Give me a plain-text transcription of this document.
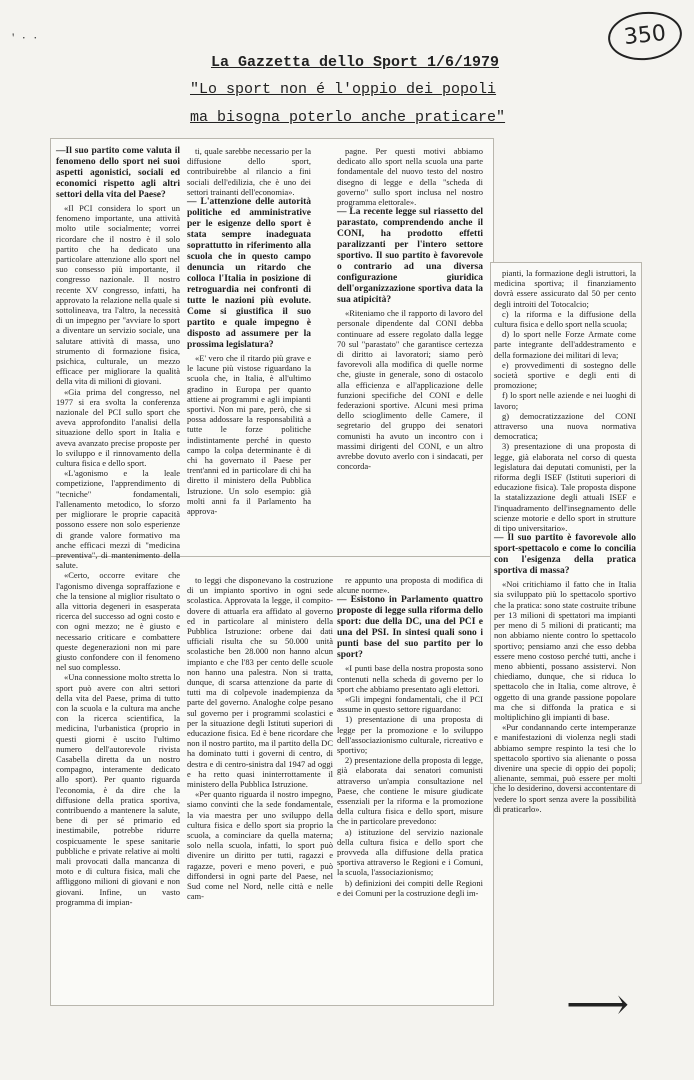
' · ·	350
La Gazzetta dello Sport 1/6/1979
"Lo sport non é l'oppio dei popoli
ma bisogna poterlo anche praticare"

—Il suo partito come valuta il fenomeno dello sport nei suoi aspetti agonistici, sociali ed economici rispetto agli altri settori della vita del Paese?

«Il PCI considera lo sport un fenomeno importante, una attività molto utile socialmente; vorrei ricordare che il nostro è il solo partito che ha dedicato una particolare attenzione allo sport nel suo consesso più importante, il congresso nazionale. Il nostro recente XV congresso, infatti, ha approvato la relazione nella quale si sottolineava, tra l'altro, la necessità di un impegno per "avviare lo sport a diventare un servizio sociale, una salutare attività di massa, uno strumento di formazione fisica, psichica, culturale, un mezzo efficace per migliorare la qualità della vita di milioni di giovani.

«Gia prima del congresso, nel 1977 si era svolta la conferenza nazionale del PCI sullo sport che aveva approfondito l'analisi della situazione dello sport in Italia e aveva avanzato precise proposte per lo sviluppo e il rinnovamento della cultura fisica e dello sport.

«L'agonismo e la leale competizione, l'apprendimento di "tecniche" fondamentali, l'allenamento metodico, lo sforzo per migliorare le proprie capacità possono essere non solo esperienze di grande valore formativo ma anche efficaci mezzi di "medicina preventiva", di mantenimento della salute.

«Certo, occorre evitare che l'agonismo divenga sopraffazione e che la tensione al miglior risultato o alla vittoria degeneri in esasperata ricerca del successo ad ogni costo e con ogni mezzo; ne è giusto e necessario criticare e combattere queste degenerazioni non mi pare giusto confondere con il fenomeno nel suo complesso.

«Una connessione molto stretta lo sport può avere con altri settori della vita del Paese, prima di tutto con la scuola e la cultura ma anche con la ricerca scientifica, la medicina, l'urbanistica (proprio in questi giorni è uscito l'ultimo numero dell'autorevole rivista Casabella diretta da un nostro compagno, interamente dedicato allo sport). Per quanto riguarda l'economia, è da dire che la diffusione della pratica sportiva, contribuendo a mantenere la salute, bene di per sé primario ed inestimabile, potrebbe ridurre cospicuamente le spese sanitarie pubbliche e private relative ai molti mali provocati dalla mancanza di moto e di cultura fisica, mali che affliggono milioni di giovani e non giovani. Infine, un vasto programma di impian-

ti, quale sarebbe necessario per la diffusione dello sport, contribuirebbe al rilancio a fini sociali dell'edilizia, che è uno dei settori trainanti dell'economia».

— L'attenzione delle autorità politiche ed amministrative per le esigenze dello sport è stata sempre inadeguata soprattutto in riferimento alla scuola che in questo campo denuncia un ritardo che colloca l'Italia in posizione di retroguardia nei confronti di tutte le nazioni più evolute. Come si giustifica il suo partito e quale impegno è disposto ad assumere per la prossima legislatura?

«E' vero che il ritardo più grave e le lacune più vistose riguardano la scuola che, in Italia, è all'ultimo gradino in Europa per quanto attiene ai programmi e agli impianti sportivi. Non mi pare, però, che si possa addossare la responsabilità a tutte le forze politiche indistintamente perché in questo campo la colpa determinante è di chi ha governato il Paese per trent'anni ed in particolare di chi ha diretto il ministero della Pubblica Istruzione. Un solo esempio: già molti anni fa il Parlamento ha approva-

to leggi che disponevano la costruzione di un impianto sportivo in ogni sede scolastica. Approvata la legge, il compito-dovere di attuarla era affidato al governo ed in particolare al ministero della Pubblica Istruzione: orbene dai dati ufficiali risulta che su 50.000 unità scolastiche ben 28.000 non hanno alcun impianto e che l'83 per cento delle scuole non hanno una palestra. Non si tratta, dunque, di scarsa attenzione da parte di tutti ma di colpevole inadempienza da parte del governo. Analoghe colpe pesano sul governo per i programmi scolastici e per la situazione degli Istituti superiori di educazione fisica. Ed è bene ricordare che non il nostro partito, ma il partito della DC ha dominato tutti i governi di centro, di destra e di centro-sinistra dal 1947 ad oggi e ha retto quasi ininterrottamente il ministero della Pubblica Istruzione.

«Per quanto riguarda il nostro impegno, siamo convinti che la sede fondamentale, la via maestra per uno sviluppo della cultura fisica e dello sport sia proprio la scuola, a cominciare da quella materna; solo nella scuola, infatti, lo sport può divenire un diritto per tutti, ragazzi e ragazze, poveri e meno poveri, e può diffondersi in ogni parte del Paese, nel Sud come nel Nord, nelle città e nelle cam-

pagne. Per questi motivi abbiamo dedicato allo sport nella scuola una parte fondamentale del nuovo testo del nostro disegno di legge e della "scheda di governo" sullo sport inclusa nel nostro programma elettorale».

— La recente legge sul riassetto del parastato, comprendendo anche il CONI, ha prodotto effetti paralizzanti per l'intero settore sportivo. Il suo partito è favorevole o contrario ad una diversa configurazione giuridica dell'organizzazione sportiva data la sua atipicità?

«Riteniamo che il rapporto di lavoro del personale dipendente dal CONI debba continuare ad essere regolato dalla legge 70 sul "parastato" che garantisce certezza di diritto ai lavoratori; siamo però favorevoli alla modifica di quelle norme che, giuste in generale, sono di ostacolo alla efficienza e all'applicazione delle funzioni specifiche del CONI e delle federazioni sportive. Alcuni mesi prima dello scioglimento delle Camere, il segretario del gruppo dei senatori comunisti ha avuto un incontro con i massimi dirigenti del CONI, e un altro avrebbe dovuto averlo con i sindacati, per concorda-

re appunto una proposta di modifica di alcune norme».

— Esistono in Parlamento quattro proposte di legge sulla riforma dello sport: due della DC, una del PCI e una del PSI. In sintesi quali sono i punti base del suo partito per lo sport?

«I punti base della nostra proposta sono contenuti nella scheda di governo per lo sport che abbiamo presentato agli elettori.

«Gli impegni fondamentali, che il PCI assume in questo settore riguardano:

1) presentazione di una proposta di legge per la promozione e lo sviluppo dell'associazionismo culturale, ricreativo e sportivo;

2) presentazione della proposta di legge, già elaborata dai senatori comunisti attraverso un'ampia consultazione nel Paese, che contiene le misure giudicate essenziali per la riforma e la promozione della cultura fisica e dello sport, misure che in particolare prevedono:

a) istituzione del servizio nazionale della cultura fisica e dello sport che provveda alla diffusione della pratica sportiva attraverso le Regioni e i Comuni, la scuola, l'associazionismo;

b) definizioni dei compiti delle Regioni e dei Comuni per la costruzione degli im-

pianti, la formazione degli istruttori, la medicina sportiva; il finanziamento dovrà essere assicurato dal 50 per cento degli introiti del Totocalcio;

c) la riforma e la diffusione della cultura fisica e dello sport nella scuola;

d) lo sport nelle Forze Armate come parte integrante dell'addestramento e della formazione dei militari di leva;

e) provvedimenti di sostegno delle società sportive e degli enti di promozione;

f) lo sport nelle aziende e nei luoghi di lavoro;

g) democratizzazione del CONI attraverso una nuova normativa democratica;

3) presentazione di una proposta di legge, già elaborata nel corso di questa legislatura dai deputati comunisti, per la riforma degli ISEF (Istituti superiori di educazione fisica). Tale proposta dispone la statalizzazione degli attuali ISEF e l'inquadramento dell'insegnamento delle scienze motorie e dello sport in strutture di tipo universitario».

— Il suo partito è favorevole allo sport-spettacolo e come lo concilia con l'esigenza della pratica sportiva di massa?

«Noi critichiamo il fatto che in Italia sia sviluppato più lo spettacolo sportivo che la pratica: sono state costruite tribune per 13 milioni di spettatori ma impianti per meno di 5 milioni di praticanti; ma non abbiamo niente contro lo spettacolo sportivo; pensiamo anzi che esso debba essere meno costoso perché tutti, anche i meno abbienti, possano assistervi. Non chiediamo, dunque, che si riduca lo spettacolo che in Italia, come altrove, è oggetto di una grande passione popolare ma che si diffonda la pratica e si moltiplichino gli impianti di base.

«Pur condannando certe intemperanze e manifestazioni di violenza negli stadi abbiamo sempre respinto la tesi che lo spettacolo sportivo sia alienante o possa divenire una specie di oppio dei popoli; alienante, semmai, può essere per molti che lo desiderino, doversi accontentare di vedere lo sport senza avere la possibilità di praticarlo».

⟶
